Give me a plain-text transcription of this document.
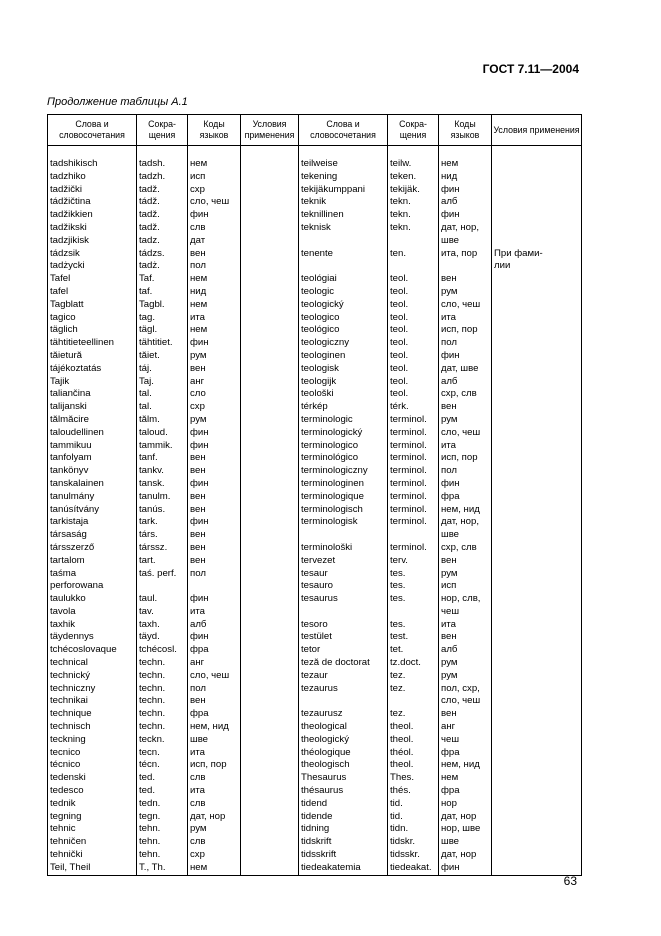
ГОСТ 7.11—2004
Продолжение таблицы А.1
Слова и словосочетания	Сокра-щения	Коды языков	Условия применения	Слова и словосочетания	Сокра-щения	Коды языков	Условия применения

tadshikisch	tadsh.	нем		teilweise	teilw.	нем	
tadzhiko	tadzh.	исп		tekening	teken.	нид	
tadžički	tadž.	схр		tekijäkumppani	tekijäk.	фин	
tádžičtina	tádž.	сло, чеш		teknik	tekn.	алб	
tadžikkien	tadž.	фин		teknillinen	tekn.	фин	
tadžikski	tadž.	слв		teknisk	tekn.	дат, нор,	
tadzjikisk	tadz.	дат				шве	
tádzsik	tádzs.	вен		tenente	ten.	ита, пор	При фами-
tadżycki	tadż.	пол					лии
Tafel	Taf.	нем		teológiai	teol.	вен	
tafel	taf.	нид		teologic	teol.	рум	
Tagblatt	Tagbl.	нем		teologický	teol.	сло, чеш	
tagico	tag.	ита		teologico	teol.	ита	
täglich	tägl.	нем		teológico	teol.	исп, пор	
tähtitieteellinen	tähtitiet.	фин		teologiczny	teol.	пол	
tăietură	tăiet.	рум		teologinen	teol.	фин	
tájékoztatás	táj.	вен		teologisk	teol.	дат, шве	
Tajik	Taj.	анг		teologijk	teol.	алб	
taliančina	tal.	сло		teološki	teol.	схр, слв	
talijanski	tal.	схр		térkép	térk.	вен	
tălmăcire	tălm.	рум		terminologic	terminol.	рум	
taloudellinen	taloud.	фин		terminologický	terminol.	сло, чеш	
tammikuu	tammik.	фин		terminologico	terminol.	ита	
tanfolyam	tanf.	вен		terminológico	terminol.	исп, пор	
tankönyv	tankv.	вен		terminologiczny	terminol.	пол	
tanskalainen	tansk.	фин		terminologinen	terminol.	фин	
tanulmány	tanulm.	вен		terminologique	terminol.	фра	
tanúsítvány	tanús.	вен		terminologisch	terminol.	нем, нид	
tarkistaja	tark.	фин		terminologisk	terminol.	дат, нор,	
társaság	társ.	вен				шве	
társszerző	társsz.	вен		terminološki	terminol.	схр, слв	
tartalom	tart.	вен		tervezet	terv.	вен	
taśma	taś. perf.	пол		tesaur	tes.	рум	
perforowana				tesauro	tes.	исп	
taulukko	taul.	фин		tesaurus	tes.	нор, слв,	
tavola	tav.	ита				чеш	
taxhik	taxh.	алб		tesoro	tes.	ита	
täydennys	täyd.	фин		testület	test.	вен	
tchécoslovaque	tchécosl.	фра		tetor	tet.	алб	
technical	techn.	анг		teză de doctorat	tz.doct.	рум	
technický	techn.	сло, чеш		tezaur	tez.	рум	
techniczny	techn.	пол		tezaurus	tez.	пол, схр,	
technikai	techn.	вен				сло, чеш	
technique	techn.	фра		tezaurusz	tez.	вен	
technisch	techn.	нем, нид		theological	theol.	анг	
teckning	teckn.	шве		theologický	theol.	чеш	
tecnico	tecn.	ита		théologique	théol.	фра	
técnico	técn.	исп, пор		theologisch	theol.	нем, нид	
tedenski	ted.	слв		Thesaurus	Thes.	нем	
tedesco	ted.	ита		thésaurus	thés.	фра	
tednik	tedn.	слв		tidend	tid.	нор	
tegning	tegn.	дат, нор		tidende	tid.	дат, нор	
tehnic	tehn.	рум		tidning	tidn.	нор, шве	
tehničen	tehn.	слв		tidskrift	tidskr.	шве	
tehnički	tehn.	схр		tidsskrift	tidsskr.	дат, нор	
Teil, Theil	T., Th.	нем		tiedeakatemia	tiedeakat.	фин	
63
